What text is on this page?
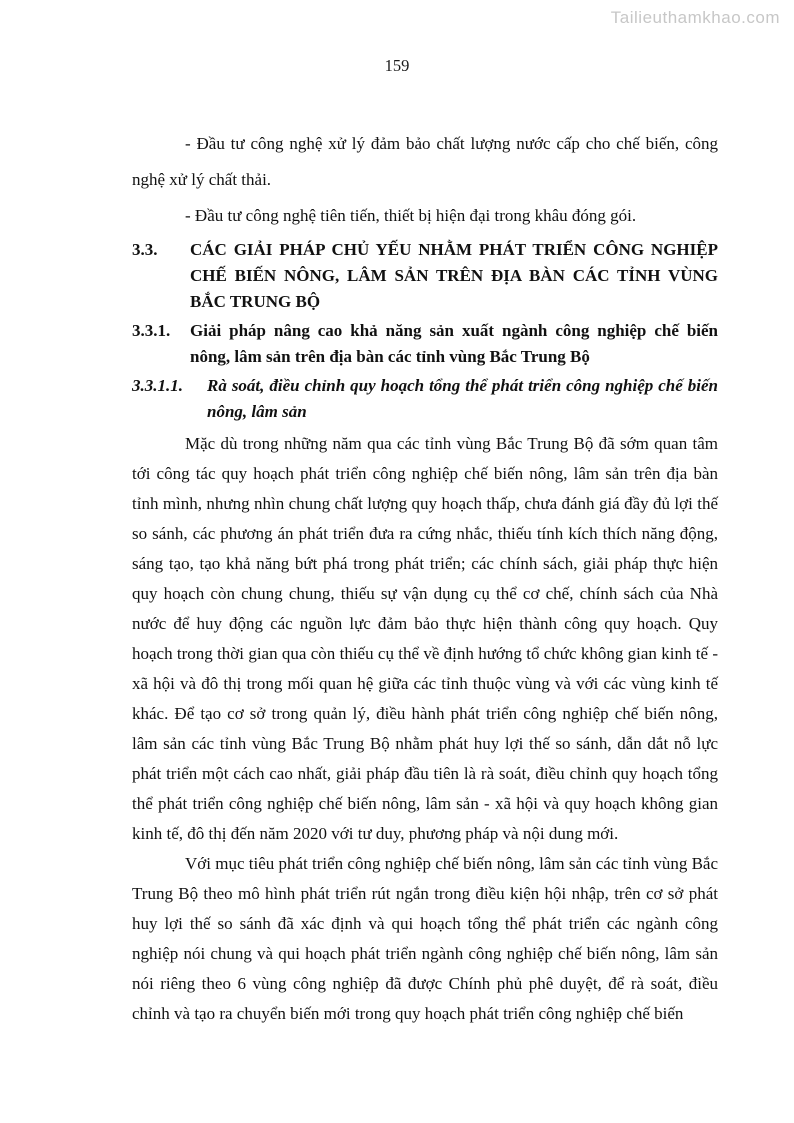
Tailieuthamkhao.com
159

- Đầu tư công nghệ xử lý đảm bảo chất lượng nước cấp cho chế biến, công nghệ xử lý chất thải.

- Đầu tư công nghệ tiên tiến, thiết bị hiện đại trong khâu đóng gói.

3.3.	CÁC GIẢI PHÁP CHỦ YẾU NHẰM PHÁT TRIỂN CÔNG NGHIỆP CHẾ BIẾN NÔNG, LÂM SẢN TRÊN ĐỊA BÀN CÁC TỈNH VÙNG BẮC TRUNG BỘ
3.3.1.	Giải pháp nâng cao khả năng sản xuất ngành công nghiệp chế biến nông, lâm sản trên địa bàn các tỉnh vùng Bắc Trung Bộ
3.3.1.1.	Rà soát, điều chỉnh quy hoạch tổng thể phát triển công nghiệp chế biến nông, lâm sản

Mặc dù trong những năm qua các tỉnh vùng Bắc Trung Bộ đã sớm quan tâm tới công tác quy hoạch phát triển công nghiệp chế biến nông, lâm sản trên địa bàn tỉnh mình, nhưng nhìn chung chất lượng quy hoạch thấp, chưa đánh giá đầy đủ lợi thế so sánh, các phương án phát triển đưa ra cứng nhắc, thiếu tính kích thích năng động, sáng tạo, tạo khả năng bứt phá trong phát triển; các chính sách, giải pháp thực hiện quy hoạch còn chung chung, thiếu sự vận dụng cụ thể cơ chế, chính sách của Nhà nước để huy động các nguồn lực đảm bảo thực hiện thành công quy hoạch. Quy hoạch trong thời gian qua còn thiếu cụ thể về định hướng tổ chức không gian kinh tế - xã hội và đô thị trong mối quan hệ giữa các tỉnh thuộc vùng và với các vùng kinh tế khác. Để tạo cơ sở trong quản lý, điều hành phát triển công nghiệp chế biến nông, lâm sản các tỉnh vùng Bắc Trung Bộ nhằm phát huy lợi thế so sánh, dẫn dắt nỗ lực phát triển một cách cao nhất, giải pháp đầu tiên là rà soát, điều chỉnh quy hoạch tổng thể phát triển công nghiệp chế biến nông, lâm sản - xã hội và quy hoạch không gian kinh tế, đô thị đến năm 2020 với tư duy, phương pháp và nội dung mới.

Với mục tiêu phát triển công nghiệp chế biến nông, lâm sản các tỉnh vùng Bắc Trung Bộ theo mô hình phát triển rút ngắn trong điều kiện hội nhập, trên cơ sở phát huy lợi thế so sánh đã xác định và qui hoạch tổng thể phát triển các ngành công nghiệp nói chung và qui hoạch phát triển ngành công nghiệp chế biến nông, lâm sản nói riêng theo 6 vùng công nghiệp đã được Chính phủ phê duyệt, để rà soát, điều chỉnh và tạo ra chuyển biến mới trong quy hoạch phát triển công nghiệp chế biến
